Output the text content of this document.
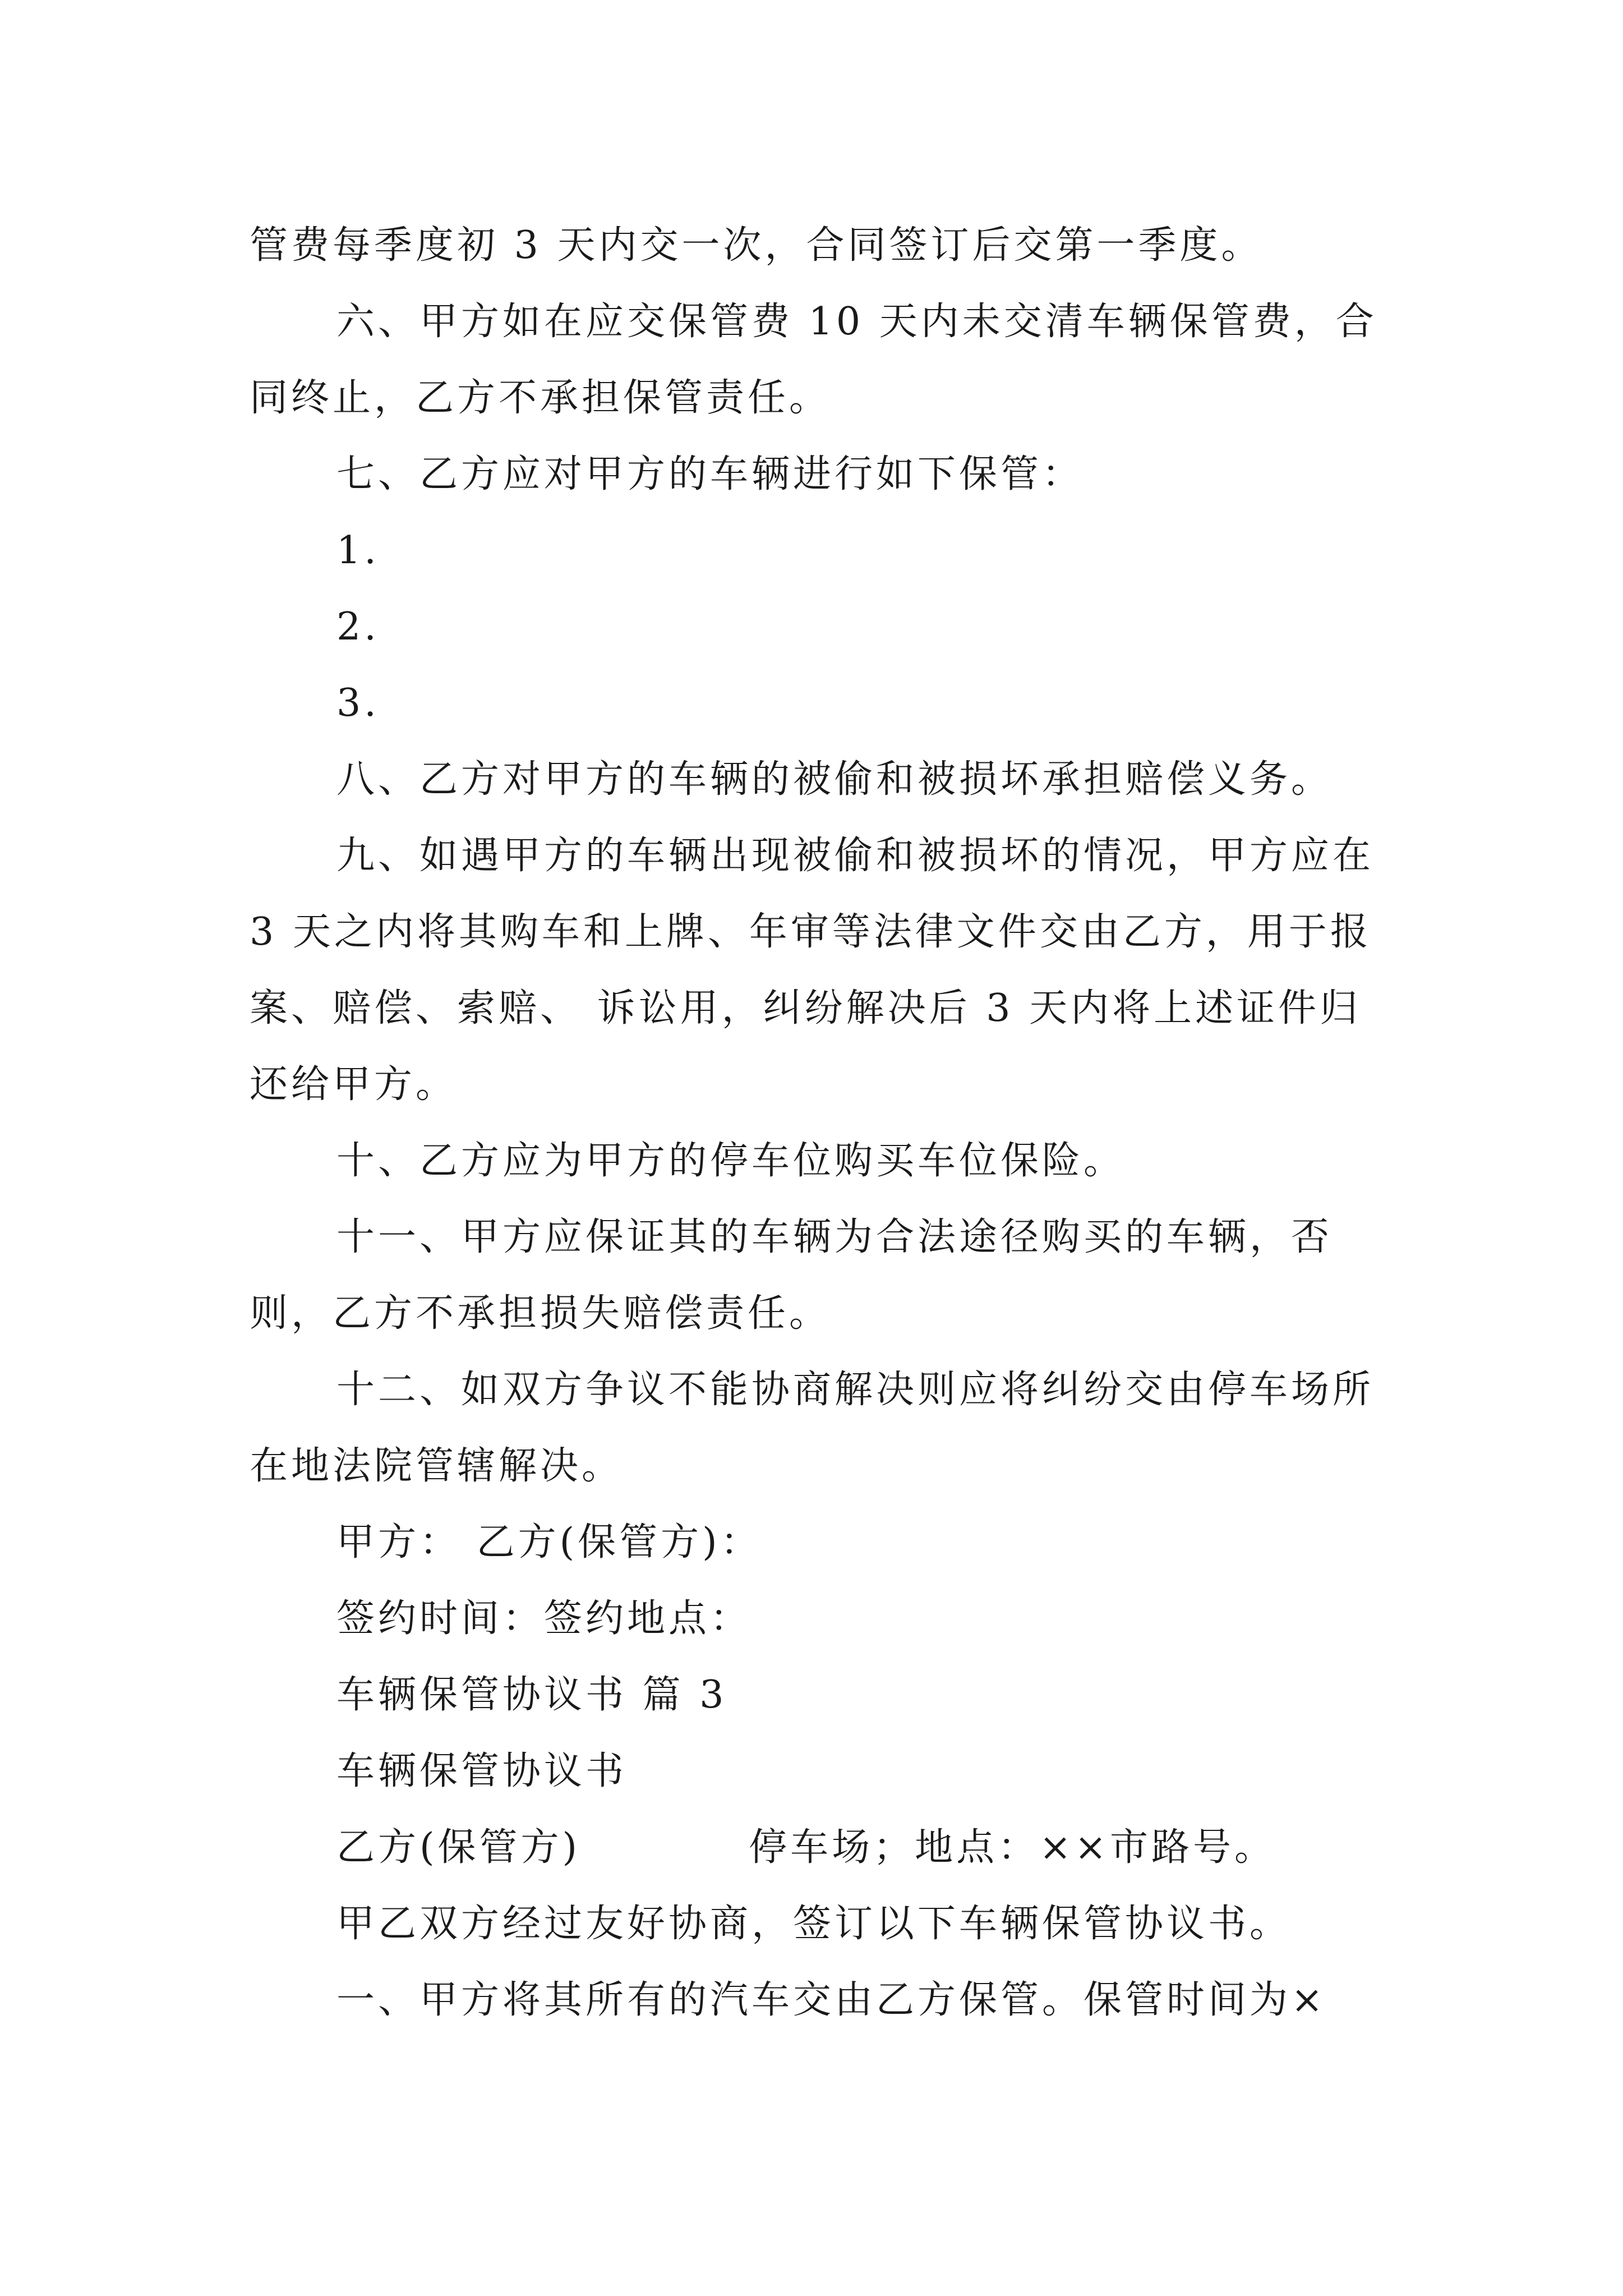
管费每季度初 3 天内交一次，合同签订后交第一季度。

六、甲方如在应交保管费 10 天内未交清车辆保管费，合同终止，乙方不承担保管责任。

七、乙方应对甲方的车辆进行如下保管：

1.

2.

3.

八、乙方对甲方的车辆的被偷和被损坏承担赔偿义务。

九、如遇甲方的车辆出现被偷和被损坏的情况，甲方应在 3 天之内将其购车和上牌、年审等法律文件交由乙方，用于报案、赔偿、索赔、 诉讼用，纠纷解决后 3 天内将上述证件归还给甲方。

十、乙方应为甲方的停车位购买车位保险。

十一、甲方应保证其的车辆为合法途径购买的车辆，否则，乙方不承担损失赔偿责任。

十二、如双方争议不能协商解决则应将纠纷交由停车场所在地法院管辖解决。

甲方： 乙方(保管方)：

签约时间：签约地点：

车辆保管协议书 篇 3

车辆保管协议书

乙方(保管方)	停车场；地点：××市路号。

甲乙双方经过友好协商，签订以下车辆保管协议书。

一、甲方将其所有的汽车交由乙方保管。保管时间为×
